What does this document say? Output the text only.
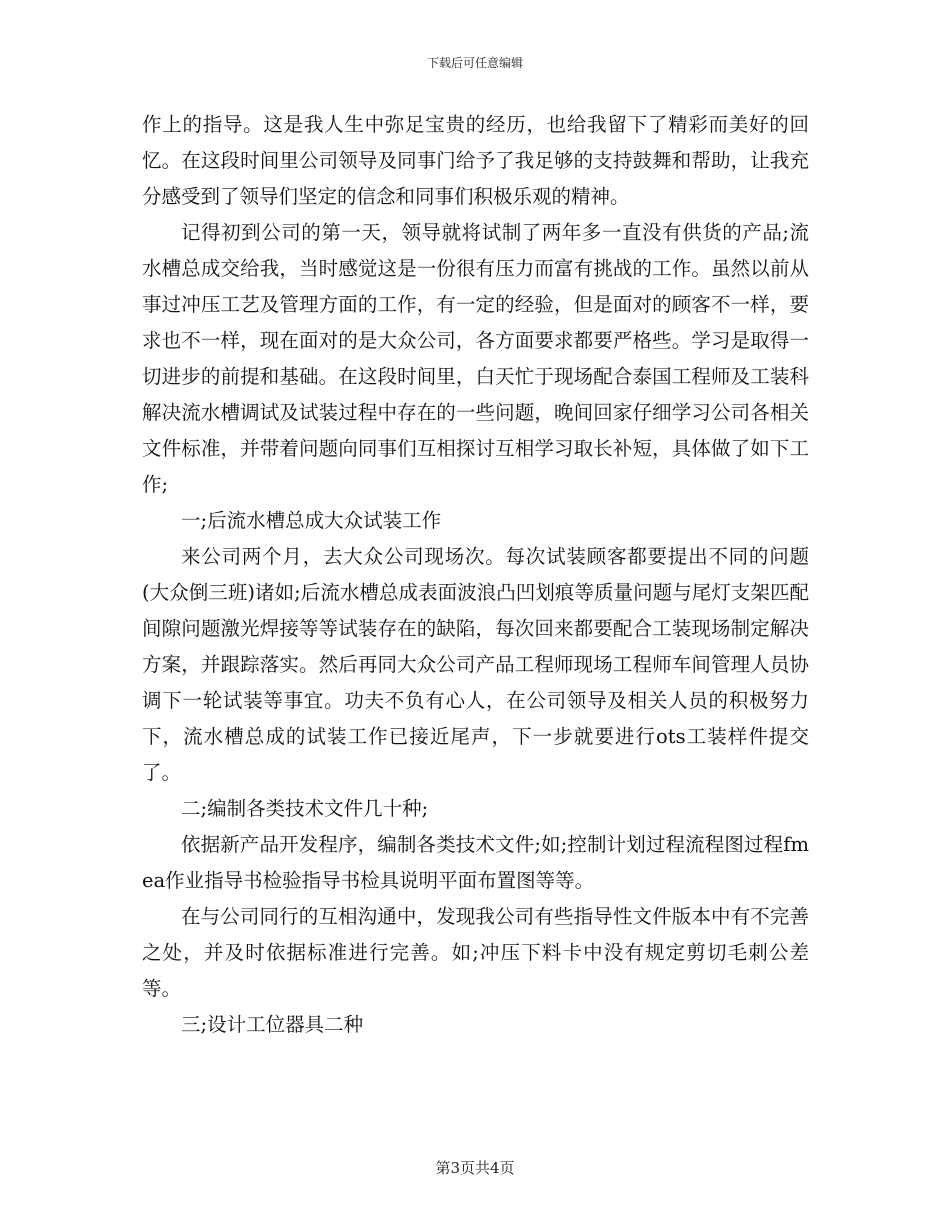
下载后可任意编辑

作上的指导。这是我人生中弥足宝贵的经历，也给我留下了精彩而美好的回忆。在这段时间里公司领导及同事门给予了我足够的支持鼓舞和帮助，让我充分感受到了领导们坚定的信念和同事们积极乐观的精神。

记得初到公司的第一天，领导就将试制了两年多一直没有供货的产品;流水槽总成交给我，当时感觉这是一份很有压力而富有挑战的工作。虽然以前从事过冲压工艺及管理方面的工作，有一定的经验，但是面对的顾客不一样，要求也不一样，现在面对的是大众公司，各方面要求都要严格些。学习是取得一切进步的前提和基础。在这段时间里，白天忙于现场配合泰国工程师及工装科解决流水槽调试及试装过程中存在的一些问题，晚间回家仔细学习公司各相关文件标准，并带着问题向同事们互相探讨互相学习取长补短，具体做了如下工作;

一;后流水槽总成大众试装工作

来公司两个月，去大众公司现场次。每次试装顾客都要提出不同的问题(大众倒三班)诸如;后流水槽总成表面波浪凸凹划痕等质量问题与尾灯支架匹配间隙问题激光焊接等等试装存在的缺陷，每次回来都要配合工装现场制定解决方案，并跟踪落实。然后再同大众公司产品工程师现场工程师车间管理人员协调下一轮试装等事宜。功夫不负有心人，在公司领导及相关人员的积极努力下，流水槽总成的试装工作已接近尾声，下一步就要进行ots工装样件提交了。

二;编制各类技术文件几十种;

依据新产品开发程序，编制各类技术文件;如;控制计划过程流程图过程fmea作业指导书检验指导书检具说明平面布置图等等。

在与公司同行的互相沟通中，发现我公司有些指导性文件版本中有不完善之处，并及时依据标准进行完善。如;冲压下料卡中没有规定剪切毛刺公差等。

三;设计工位器具二种

第3页共4页
